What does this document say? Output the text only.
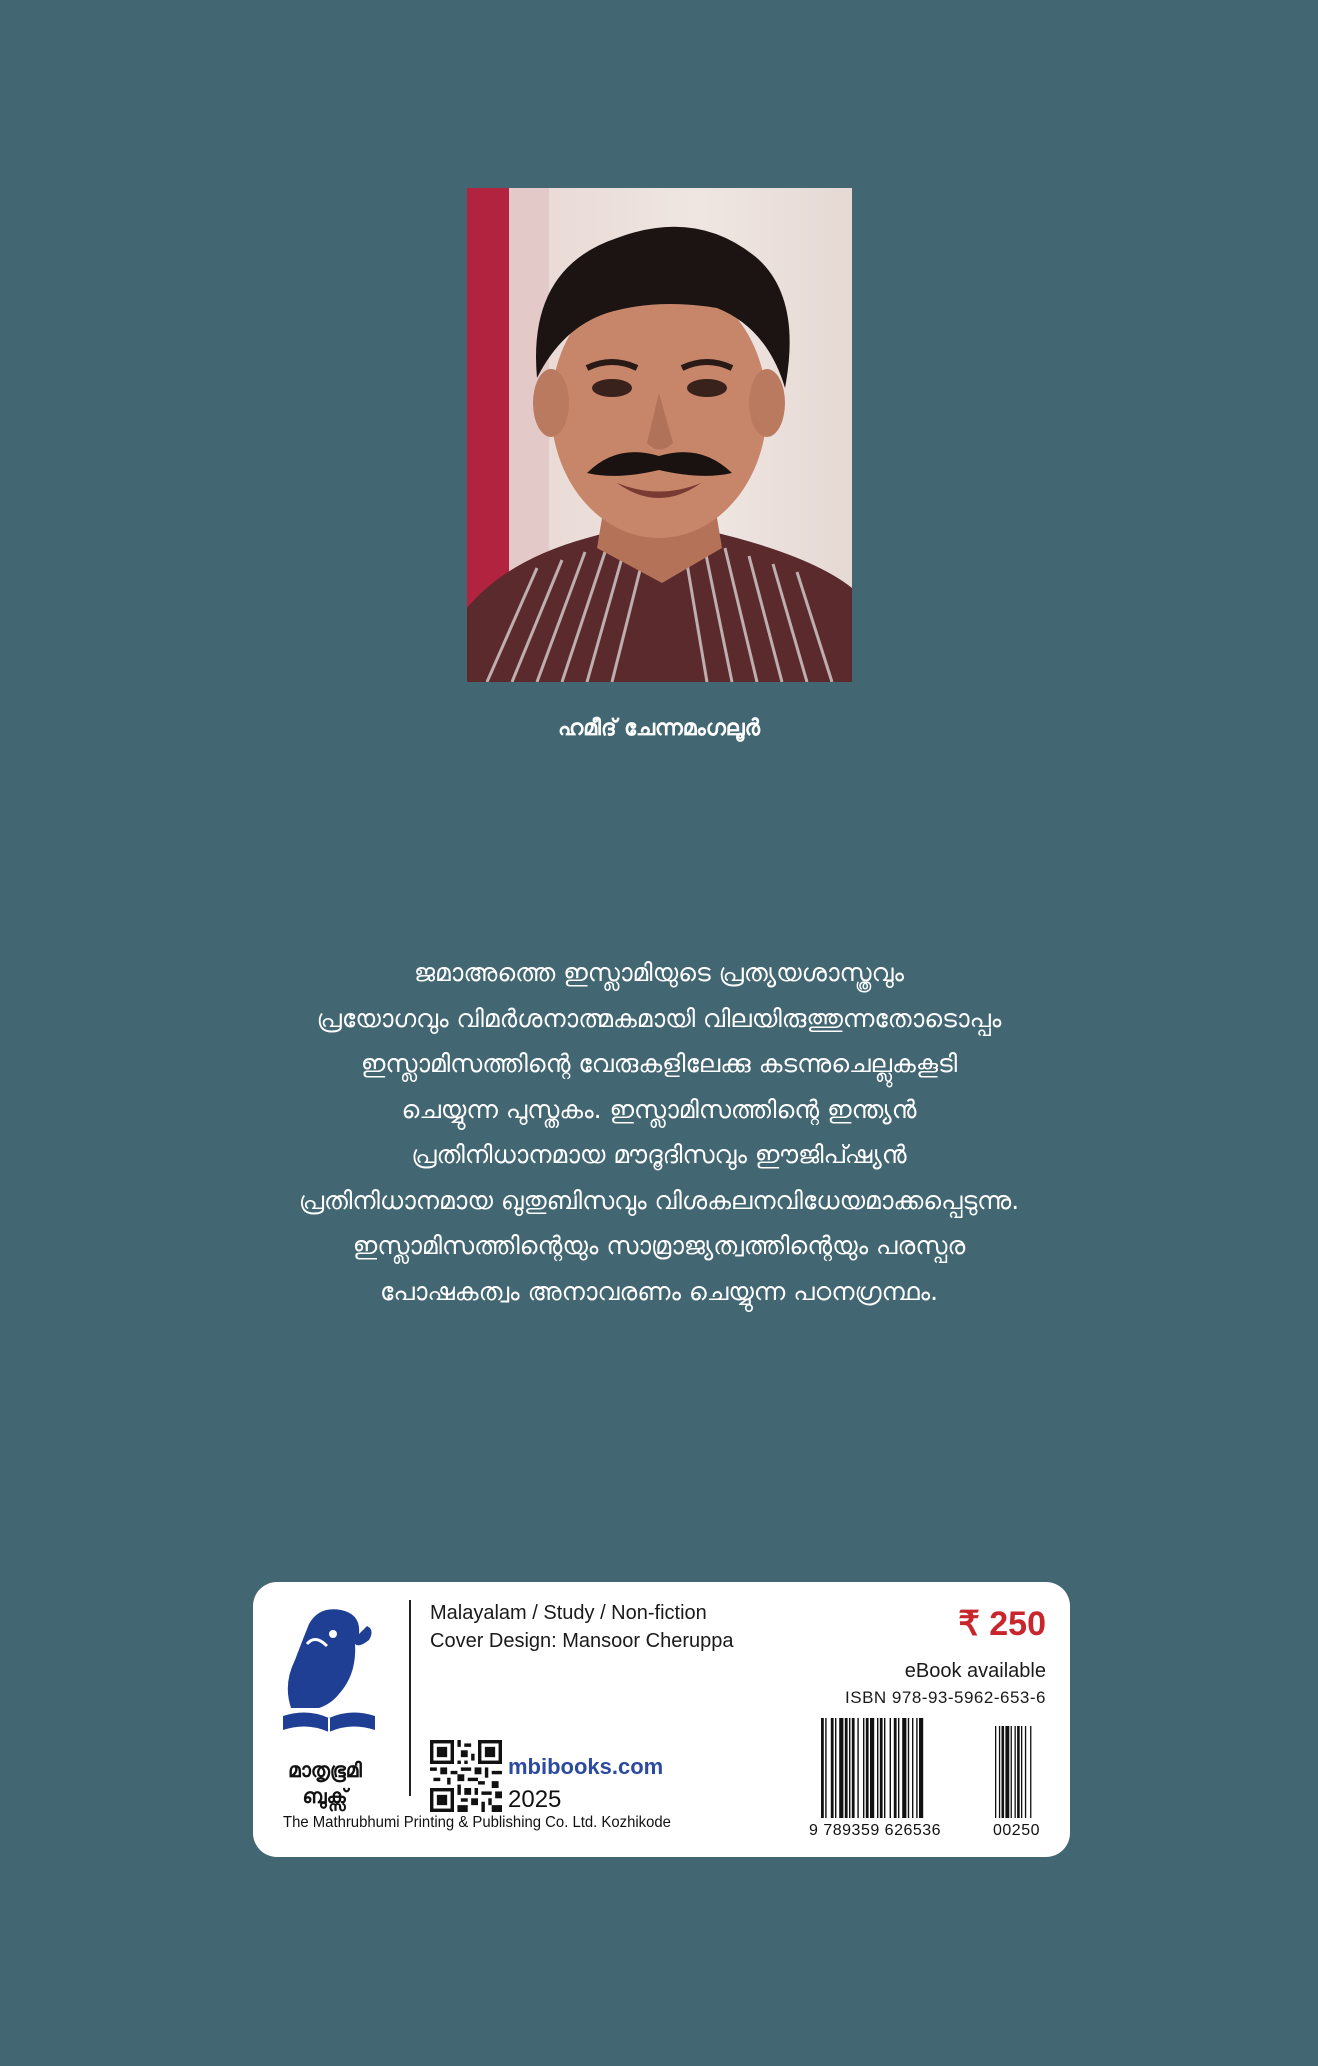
ഹമീദ് ചേന്നമംഗലൂർ
ജമാഅത്തെ ഇസ്ലാമിയുടെ പ്രത്യയശാസ്ത്രവും
പ്രയോഗവും വിമർശനാത്മകമായി വിലയിരുത്തുന്നതോടൊപ്പം
ഇസ്ലാമിസത്തിന്റെ വേരുകളിലേക്കു കടന്നുചെല്ലുകകൂടി
ചെയ്യുന്ന പുസ്തകം. ഇസ്ലാമിസത്തിന്റെ ഇന്ത്യൻ
പ്രതിനിധാനമായ മൗദൂദിസവും ഈജിപ്ഷ്യൻ
പ്രതിനിധാനമായ ഖുതുബിസവും വിശകലനവിധേയമാക്കപ്പെടുന്നു.
ഇസ്ലാമിസത്തിന്റെയും സാമ്രാജ്യത്വത്തിന്റെയും പരസ്പര
പോഷകത്വം അനാവരണം ചെയ്യുന്ന പഠനഗ്രന്ഥം.
മാതൃഭൂമി
ബുക്സ്
The Mathrubhumi Printing & Publishing Co. Ltd. Kozhikode
Malayalam / Study / Non-fiction
Cover Design: Mansoor Cheruppa
mbibooks.com
2025
₹ 250
eBook available
ISBN 978-93-5962-653-6
9 789359 626536	00250
